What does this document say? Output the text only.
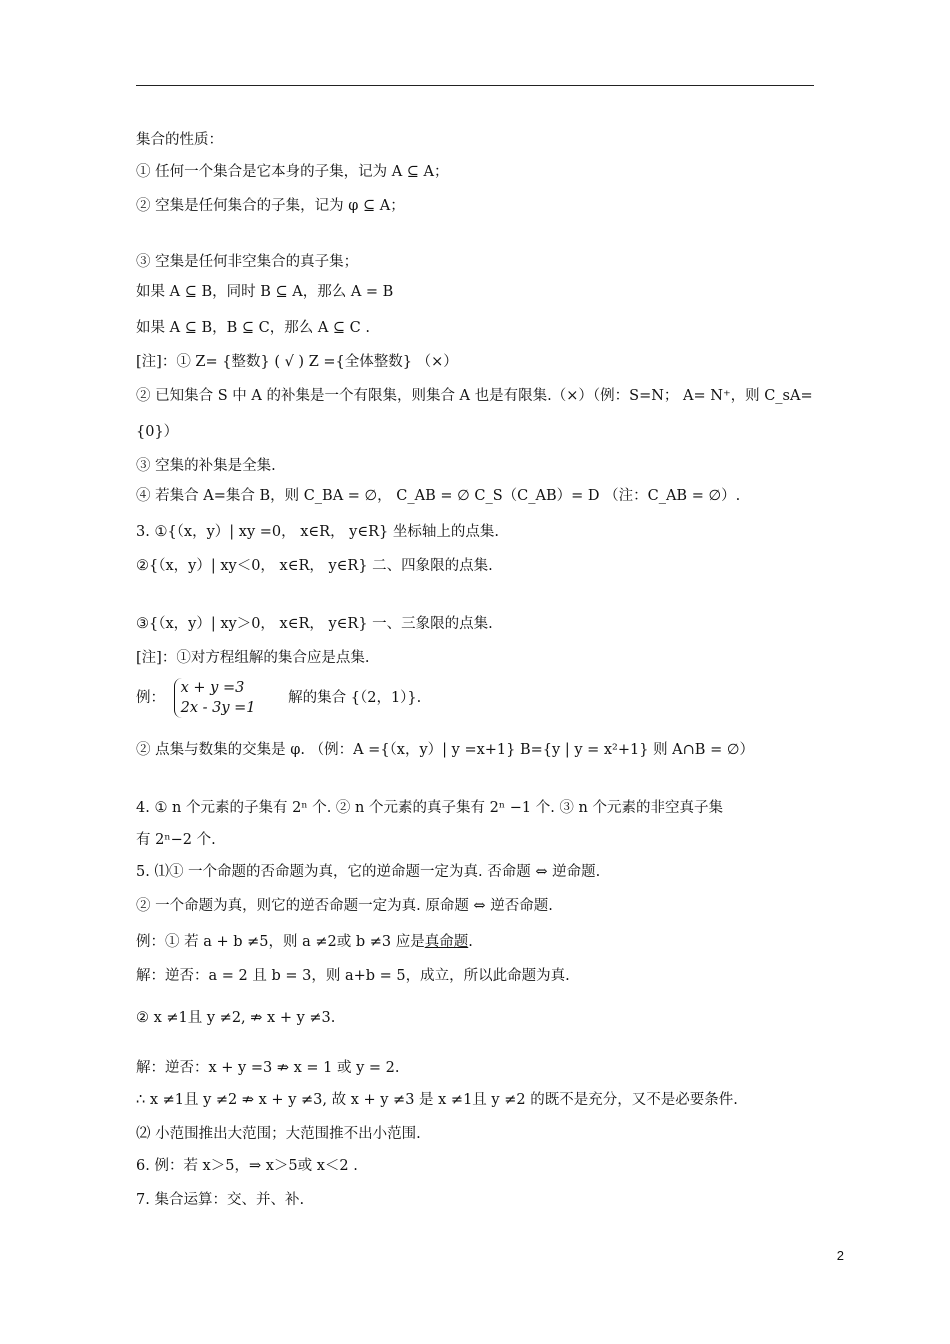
集合的性质：
① 任何一个集合是它本身的子集，记为 A ⊆ A；
② 空集是任何集合的子集，记为 φ ⊆ A；
③ 空集是任何非空集合的真子集；
如果 A ⊆ B，同时 B ⊆ A，那么 A = B
如果 A ⊆ B，B ⊆ C，那么 A ⊆ C .
[注]：① Z= {整数} ( √ ) Z ={全体整数} （×）
② 已知集合 S 中 A 的补集是一个有限集，则集合 A 也是有限集.（×）（例：S=N； A= N⁺，则 C_sA=
{0}）
③ 空集的补集是全集.
④ 若集合 A=集合 B，则 C_BA = ∅， C_AB = ∅ C_S（C_AB）= D （注：C_AB = ∅）.
3. ①{（x，y）| xy =0， x∈R， y∈R} 坐标轴上的点集.
②{（x，y）| xy＜0， x∈R， y∈R} 二、四象限的点集.
③{（x，y）| xy＞0， x∈R， y∈R} 一、三象限的点集.
[注]：①对方程组解的集合应是点集.
例：
x + y =3
2x - 3y =1
解的集合 {（2，1）}.
② 点集与数集的交集是 φ. （例：A ={（x，y）| y =x+1} B={y | y = x²+1} 则 A∩B = ∅）
4. ① n 个元素的子集有 2ⁿ 个. ② n 个元素的真子集有 2ⁿ −1 个. ③ n 个元素的非空真子集
有 2ⁿ−2 个.
5. ⑴① 一个命题的否命题为真，它的逆命题一定为真. 否命题 ⇔ 逆命题.
② 一个命题为真，则它的逆否命题一定为真. 原命题 ⇔ 逆否命题.
例：① 若 a + b ≠5，则 a ≠2或 b ≠3 应是真命题.
解：逆否：a = 2 且 b = 3，则 a+b = 5，成立，所以此命题为真.
② x ≠1且 y ≠2, ⇏ x + y ≠3.
解：逆否：x + y =3 ⇏ x = 1 或 y = 2.
∴ x ≠1且 y ≠2 ⇏ x + y ≠3, 故 x + y ≠3 是 x ≠1且 y ≠2 的既不是充分，又不是必要条件.
⑵ 小范围推出大范围；大范围推不出小范围.
6. 例：若 x＞5，⇒ x＞5或 x＜2 .
7. 集合运算：交、并、补.
2
